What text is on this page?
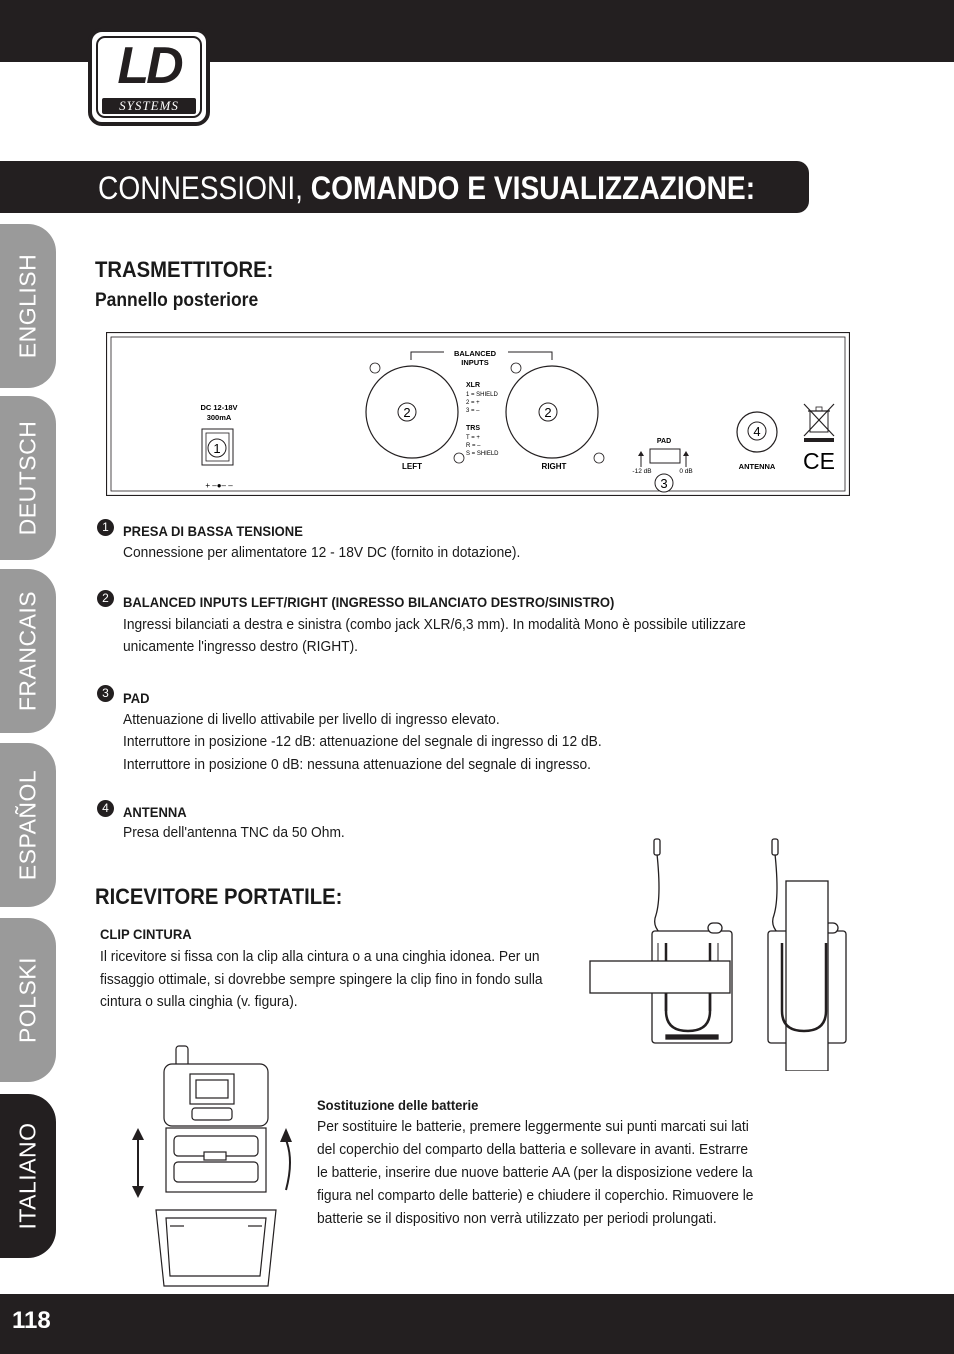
LD
SYSTEMS
CONNESSIONI, COMANDO E VISUALIZZAZIONE:
ENGLISH
DEUTSCH
FRANCAIS
ESPAÑOL
POLSKI
ITALIANO
TRASMETTITORE:
Pannello posteriore
DC 12-18V
300mA
+ –●– –
BALANCED
INPUTS
LEFT	RIGHT
XLR
1 = SHIELD
2 = +
3 = –
TRS
T = +
R = –
S = SHIELD
PAD
-12 dB	0 dB
ANTENNA CE
1
2	2
3
4
1	PRESA DI BASSA TENSIONE
Connessione per alimentatore 12 - 18V DC (fornito in dotazione).
2	BALANCED INPUTS LEFT/RIGHT (INGRESSO BILANCIATO DESTRO/SINISTRO)
Ingressi bilanciati a destra e sinistra (combo jack XLR/6,3 mm). In modalità Mono è possibile utilizzare
unicamente l'ingresso destro (RIGHT).
3	PAD
Attenuazione di livello attivabile per livello di ingresso elevato.
Interruttore in posizione -12 dB: attenuazione del segnale di ingresso di 12 dB.
Interruttore in posizione 0 dB: nessuna attenuazione del segnale di ingresso.
4	ANTENNA
Presa dell'antenna TNC da 50 Ohm.
RICEVITORE PORTATILE:
CLIP CINTURA
Il ricevitore si fissa con la clip alla cintura o a una cinghia idonea. Per un
fissaggio ottimale, si dovrebbe sempre spingere la clip fino in fondo sulla
cintura o sulla cinghia (v. figura).
Sostituzione delle batterie
Per sostituire le batterie, premere leggermente sui punti marcati sui lati
del coperchio del comparto della batteria e sollevare in avanti. Estrarre
le batterie, inserire due nuove batterie AA (per la disposizione vedere la
figura nel comparto delle batterie) e chiudere il coperchio. Rimuovere le
batterie se il dispositivo non verrà utilizzato per periodi prolungati.
118
